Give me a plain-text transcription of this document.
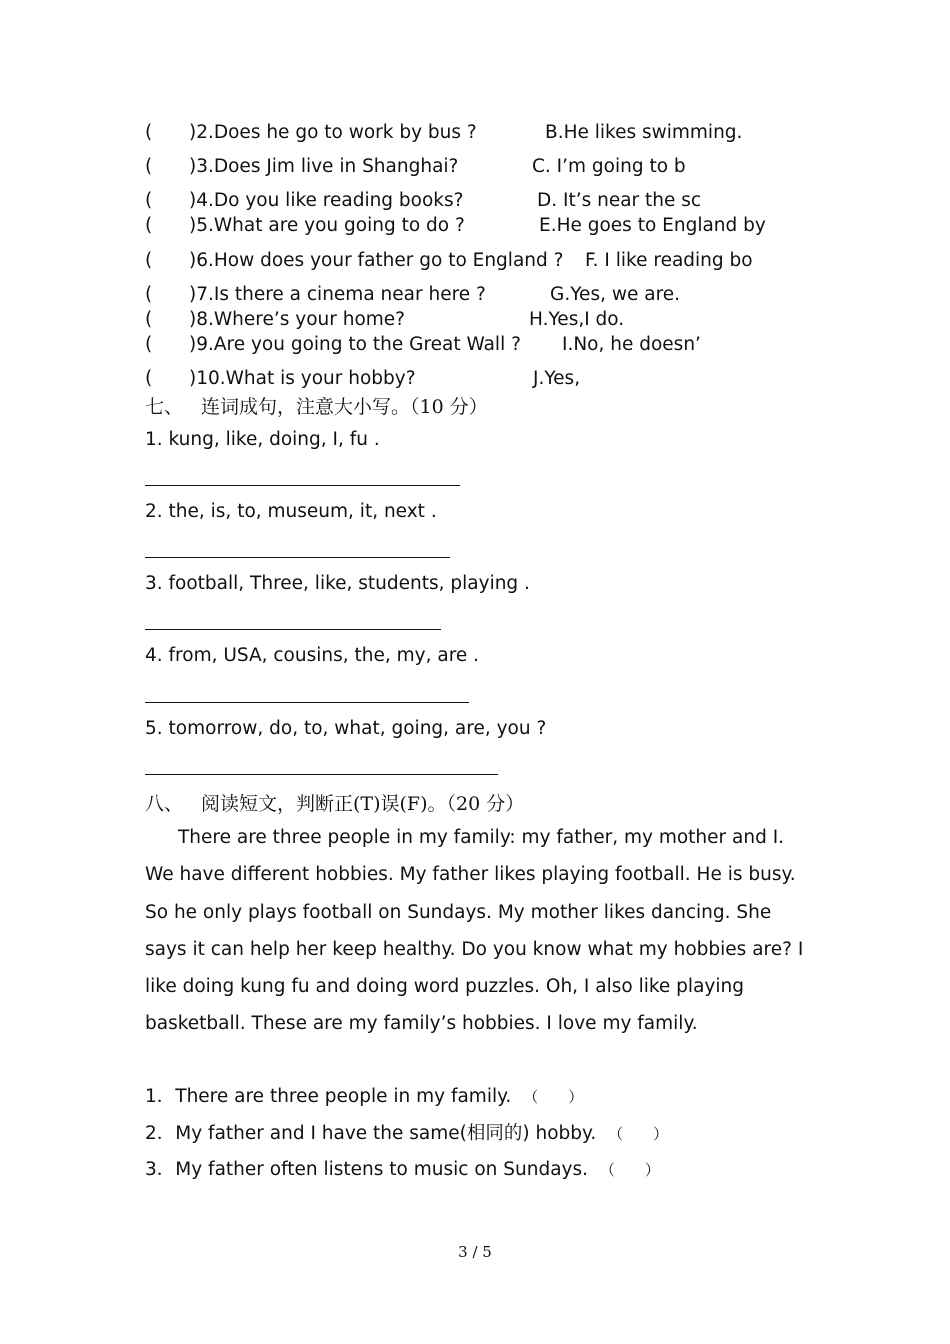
( )2.Does he go to work by bus ?	B.He likes swimming.
( )3.Does Jim live in Shanghai?	C. I’m going to b
( )4.Do you like reading books?	D. It’s near the sc
( )5.What are you going to do ?	E.He goes to England by
( )6.How does your father go to England ? F. I like reading bo
( )7.Is there a cinema near here ?	G.Yes, we are.
( )8.Where’s your home?	H.Yes,I do.
( )9.Are you going to the Great Wall ? I.No, he doesn’
( )10.What is your hobby?	J.Yes,
七、 连词成句，注意大小写。（10 分）
1. kung, like, doing, I, fu .
2. the, is, to, museum, it, next .
3. football, Three, like, students, playing .
4. from, USA, cousins, the, my, are .
5. tomorrow, do, to, what, going, are, you ?
八、 阅读短文，判断正(T)误(F)。（20 分）
There are three people in my family: my father, my mother and I. We have different hobbies. My father likes playing football. He is busy. So he only plays football on Sundays. My mother likes dancing. She says it can help her keep healthy. Do you know what my hobbies are? I like doing kung fu and doing word puzzles. Oh, I also like playing basketball. These are my family’s hobbies. I love my family.
1．There are three people in my family. （　　）
2．My father and I have the same(相同的) hobby. （　　）
3．My father often listens to music on Sundays. （　　）
3 / 5
